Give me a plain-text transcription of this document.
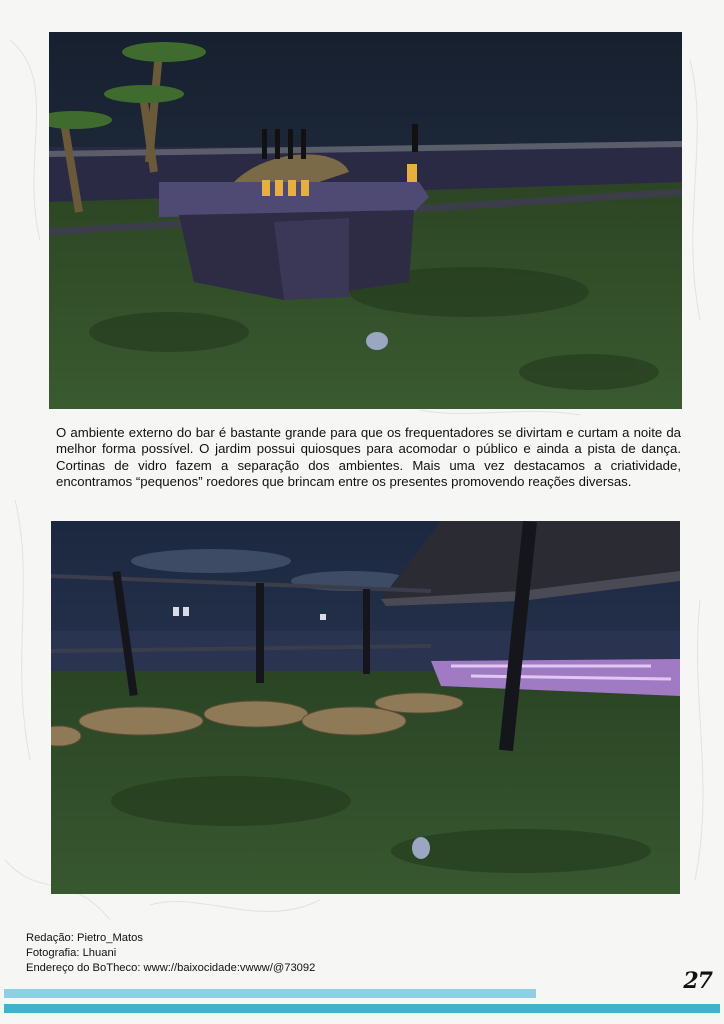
O ambiente externo do bar é bastante grande para que os frequentadores se divirtam e curtam a noite da melhor forma possível. O jardim possui quiosques para acomodar o público e ainda a pista de dança. Cortinas de vidro fazem a separação dos ambientes. Mais uma vez destacamos a criatividade, encontramos “pequenos” roedores que brincam entre os presentes promovendo reações diversas.

Redação: Pietro_Matos
Fotografia: Lhuani
Endereço do BoTheco: www://baixocidade:vwww/@73092
27
